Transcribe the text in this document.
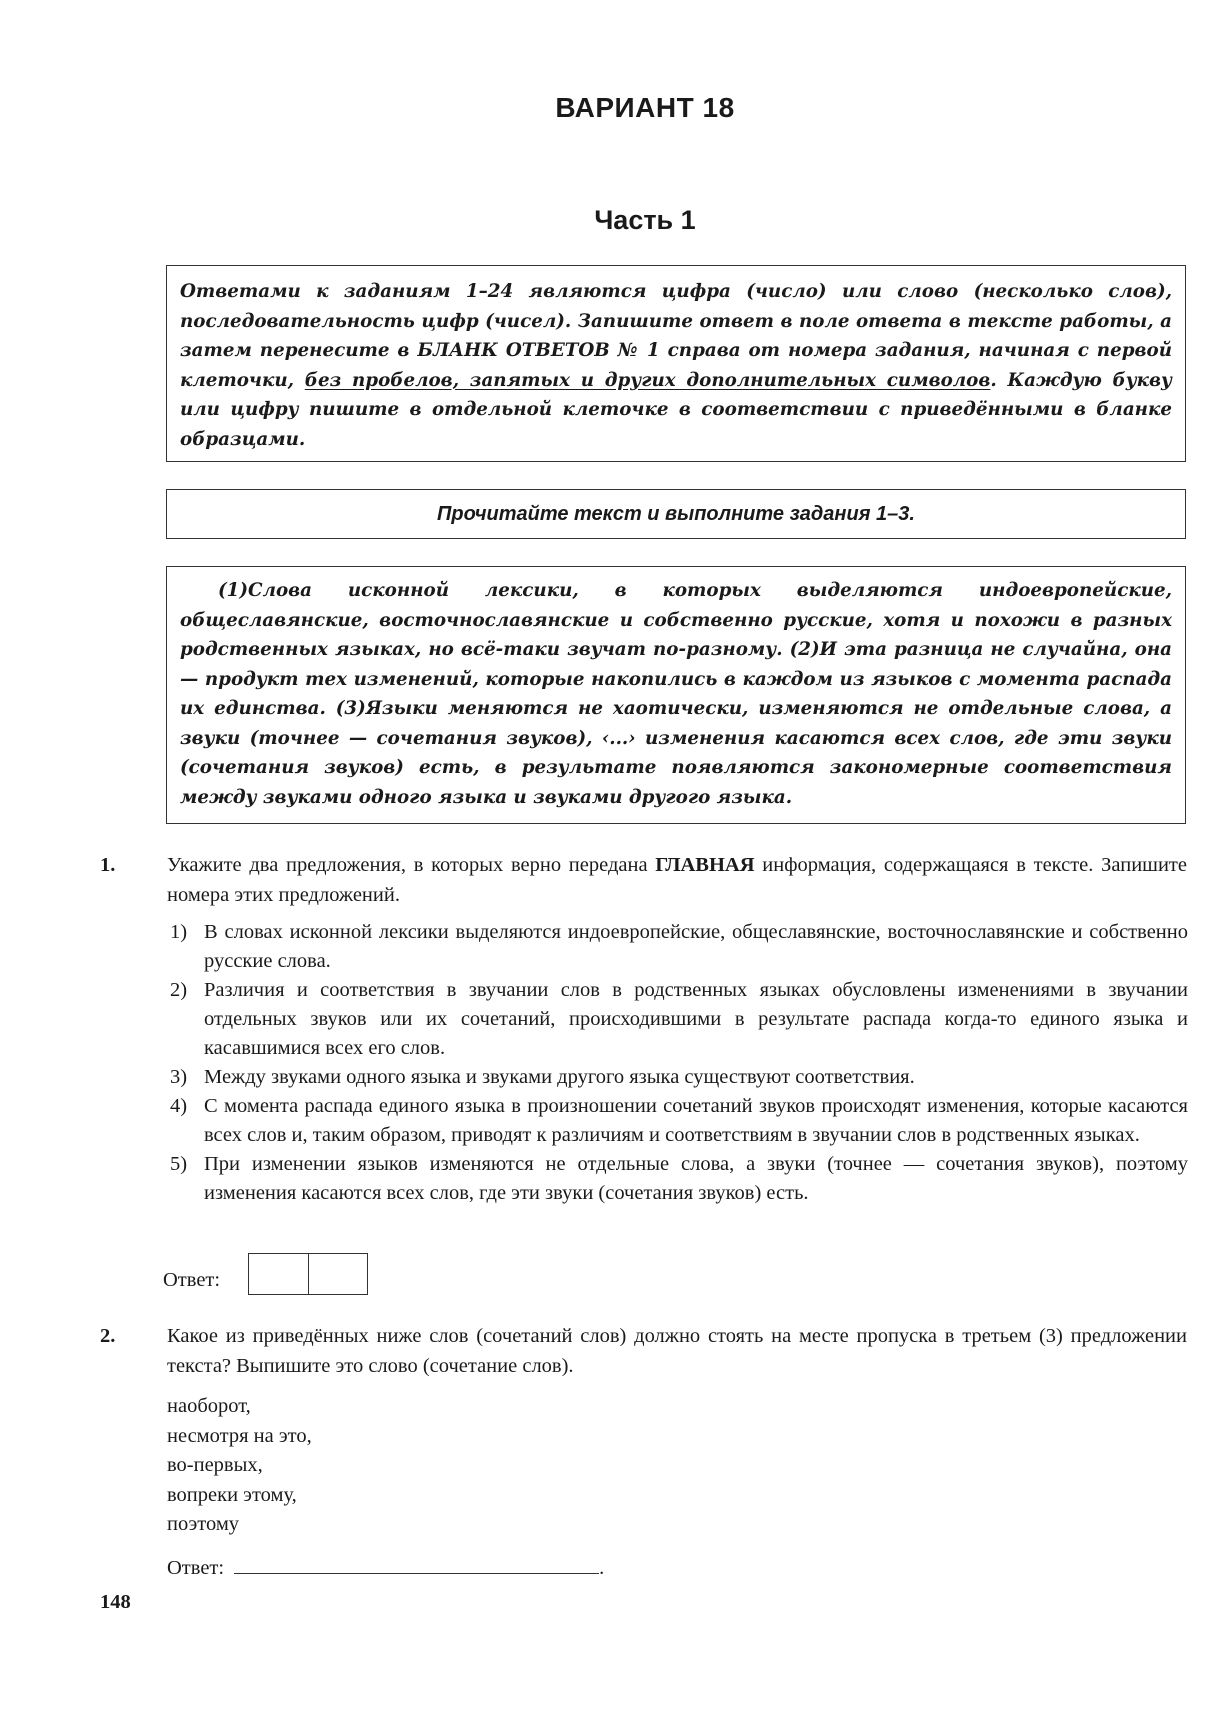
ВАРИАНТ 18
Часть 1
Ответами к заданиям 1–24 являются цифра (число) или слово (несколько слов), последовательность цифр (чисел). Запишите ответ в поле ответа в тексте работы, а затем перенесите в БЛАНК ОТВЕТОВ № 1 справа от номера задания, начиная с первой клеточки, без пробелов, запятых и других дополнительных символов. Каждую букву или цифру пишите в отдельной клеточке в соответствии с приведёнными в бланке образцами.
Прочитайте текст и выполните задания 1–3.
(1)Слова исконной лексики, в которых выделяются индоевропейские, общеславянские, восточнославянские и собственно русские, хотя и похожи в разных родственных языках, но всё-таки звучат по-разному. (2)И эта разница не случайна, она — продукт тех изменений, которые накопились в каждом из языков с момента распада их единства. (3)Языки меняются не хаотически, изменяются не отдельные слова, а звуки (точнее — сочетания звуков), ‹...› изменения касаются всех слов, где эти звуки (сочетания звуков) есть, в результате появляются закономерные соответствия между звуками одного языка и звуками другого языка.
1.	Укажите два предложения, в которых верно передана ГЛАВНАЯ информация, содержащаяся в тексте. Запишите номера этих предложений.
1) В словах исконной лексики выделяются индоевропейские, общеславянские, восточнославянские и собственно русские слова.
2) Различия и соответствия в звучании слов в родственных языках обусловлены изменениями в звучании отдельных звуков или их сочетаний, происходившими в результате распада когда-то единого языка и касавшимися всех его слов.
3) Между звуками одного языка и звуками другого языка существуют соответствия.
4) С момента распада единого языка в произношении сочетаний звуков происходят изменения, которые касаются всех слов и, таким образом, приводят к различиям и соответствиям в звучании слов в родственных языках.
5) При изменении языков изменяются не отдельные слова, а звуки (точнее — сочетания звуков), поэтому изменения касаются всех слов, где эти звуки (сочетания звуков) есть.
Ответ:
2.	Какое из приведённых ниже слов (сочетаний слов) должно стоять на месте пропуска в третьем (3) предложении текста? Выпишите это слово (сочетание слов).
наоборот,
несмотря на это,
во-первых,
вопреки этому,
поэтому
Ответ:	.
148
